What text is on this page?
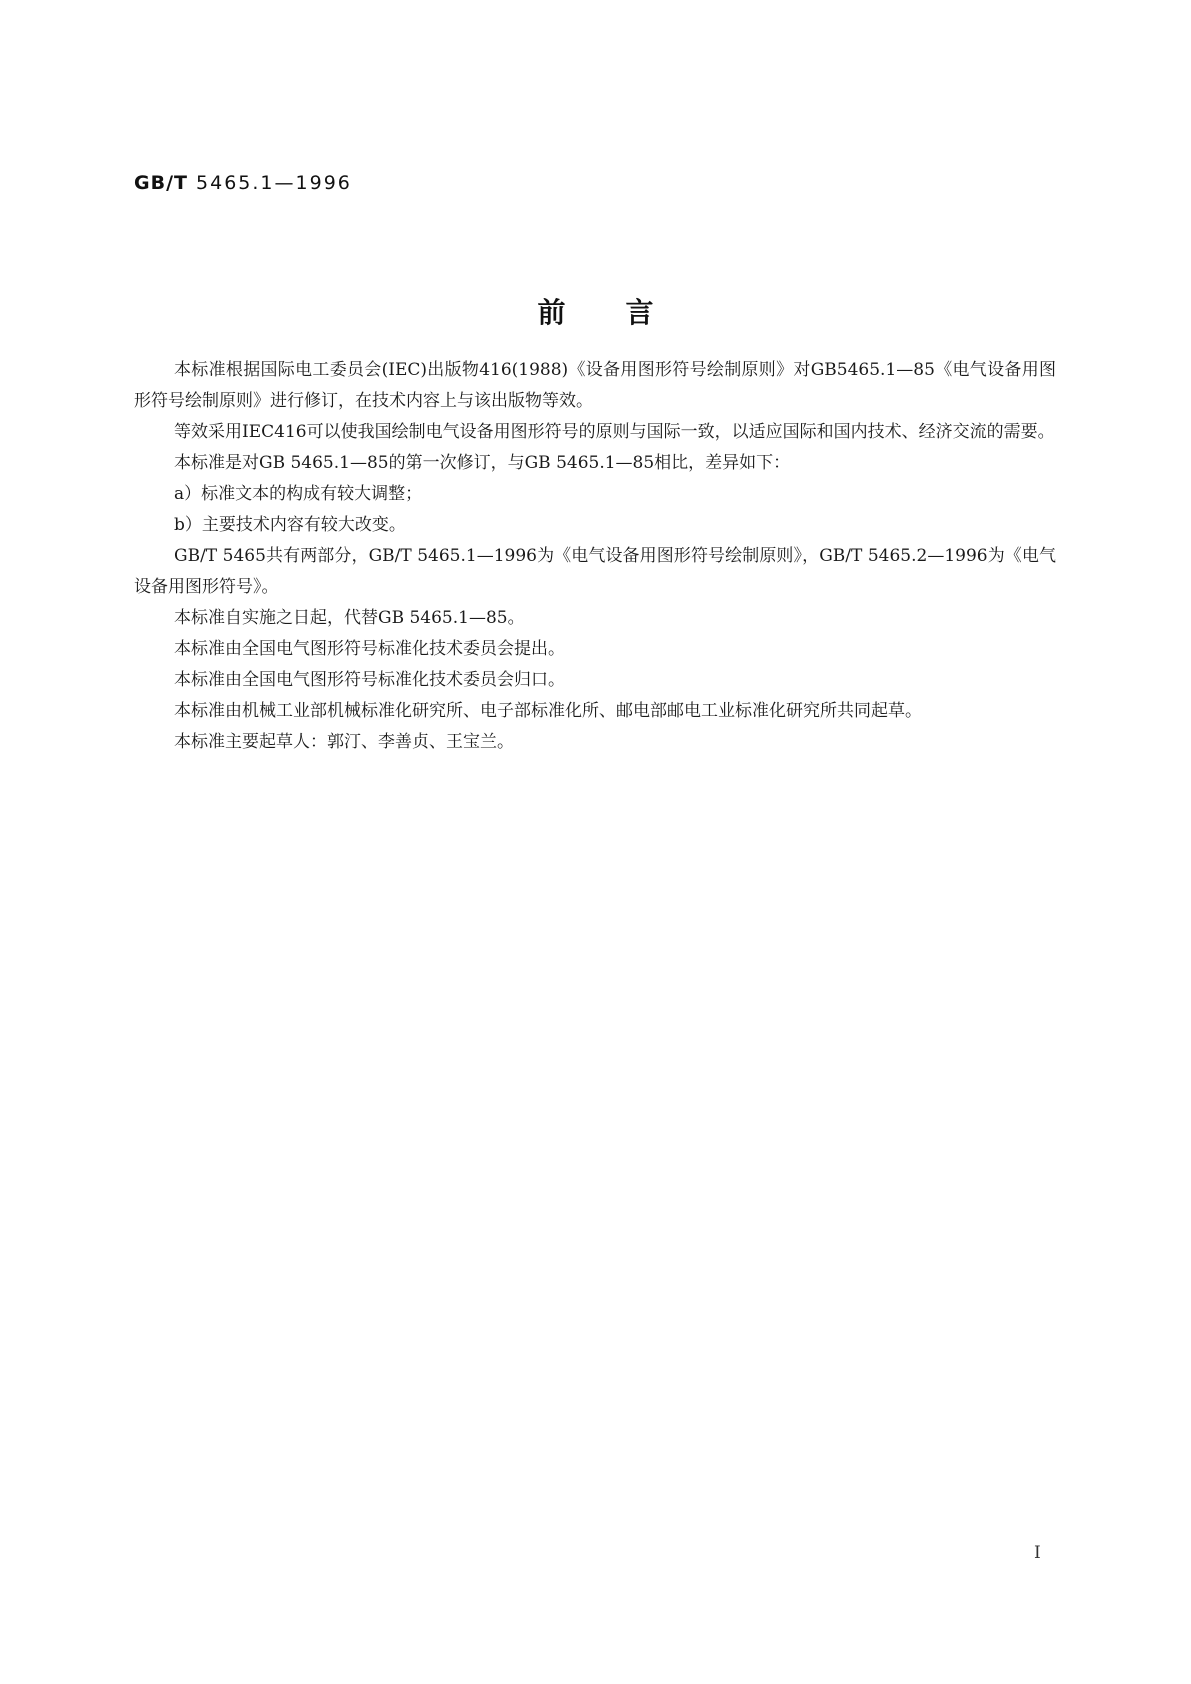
GB/T 5465.1—1996
前言

本标准根据国际电工委员会(IEC)出版物416(1988)《设备用图形符号绘制原则》对GB5465.1—85《电气设备用图形符号绘制原则》进行修订，在技术内容上与该出版物等效。

等效采用IEC416可以使我国绘制电气设备用图形符号的原则与国际一致，以适应国际和国内技术、经济交流的需要。

本标准是对GB 5465.1—85的第一次修订，与GB 5465.1—85相比，差异如下：

a）标准文本的构成有较大调整；

b）主要技术内容有较大改变。

GB/T 5465共有两部分，GB/T 5465.1—1996为《电气设备用图形符号绘制原则》，GB/T 5465.2—1996为《电气设备用图形符号》。

本标准自实施之日起，代替GB 5465.1—85。

本标准由全国电气图形符号标准化技术委员会提出。

本标准由全国电气图形符号标准化技术委员会归口。

本标准由机械工业部机械标准化研究所、电子部标准化所、邮电部邮电工业标准化研究所共同起草。

本标准主要起草人：郭汀、李善贞、王宝兰。

I
